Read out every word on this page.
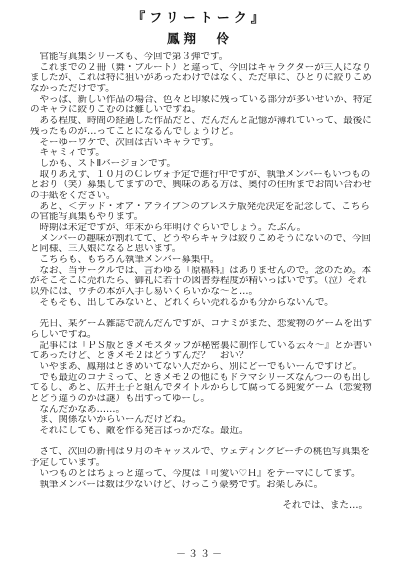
『フリートーク』
鳳翔　伶
官能写真集シリーズも、今回で第３弾です。
これまでの２冊（舞・プルート）と違って、今回はキャラクターが三人になり
ましたが、これは特に狙いがあったわけではなく、ただ単に、ひとりに絞りこめ
なかっただけです。
やっぱ、新しい作品の場合、色々と印象に残っている部分が多いせいか、特定
のキャラに絞りこむのは難しいですね。
ある程度、時間の経過した作品だと、だんだんと記憶が薄れていって、最後に
残ったものが…ってことになるんでしょうけど。
そーゆーワケで、次回は古いキャラです。
キャミィです。
しかも、ストⅡバージョンです。
取りあえず、１０月のＣレヴォ予定で進行中ですが、執筆メンバーもいつもの
とおり（笑）募集してますので、興味のある方は、奥付の住所までお問い合わせ
の手紙をください。
あと、＜デッド・オア・アライブ＞のプレステ版発売決定を記念して、こちら
の官能写真集もやります。
時期は未定ですが、年末から年明けぐらいでしょう。たぶん。
メンバーの趣味が割れてて、どうやらキャラは絞りこめそうにないので、今回
と同様、三人娘になると思います。
こちらも、もちろん執筆メンバー募集中。
なお、当サークルでは、言わゆる『原稿料』はありませんので。念のため。本
がそこそこに売れたら、御礼に若干の図書券程度が精いっぱいです。（泣）それ
以外には、ウチの本が入手し易いくらいかな～と…。
そもそも、出してみないと、どれくらい売れるかも分からないんで。
先日、某ゲーム雑誌で読んだんですが、コナミがまた、恋愛物のゲームを出す
らしいですね。
記事には『ＰＳ版ときメモスタッフが秘密裏に制作している云々～』とか書い
てあったけど、ときメモ２はどうすんだ？　おい？
いやまあ、鳳翔はときめいてない人だから、別にどーでもいーんですけど。
でも最近のコナミって、ときメモ２の他にもドラマシリーズなんつーのも出し
てるし、あと、広井王子と組んでタイトルからして腐ってる純愛ゲーム（恋愛物
とどう違うのかは謎）も出すってゆーし。
なんだかなあ……。
ま、関係ないからいーんだけどね。
それにしても、敵を作る発言ばっかだな。最近。
さて、次回の新刊は９月のキャッスルで、ウェディングピーチの桃色写真集を
予定しています。
いつものとはちょっと違って、今度は『可愛い♡Ｈ』をテーマにしてます。
執筆メンバーは数は少ないけど、けっこう豪勢です。お楽しみに。
それでは、また…。
－３３－
